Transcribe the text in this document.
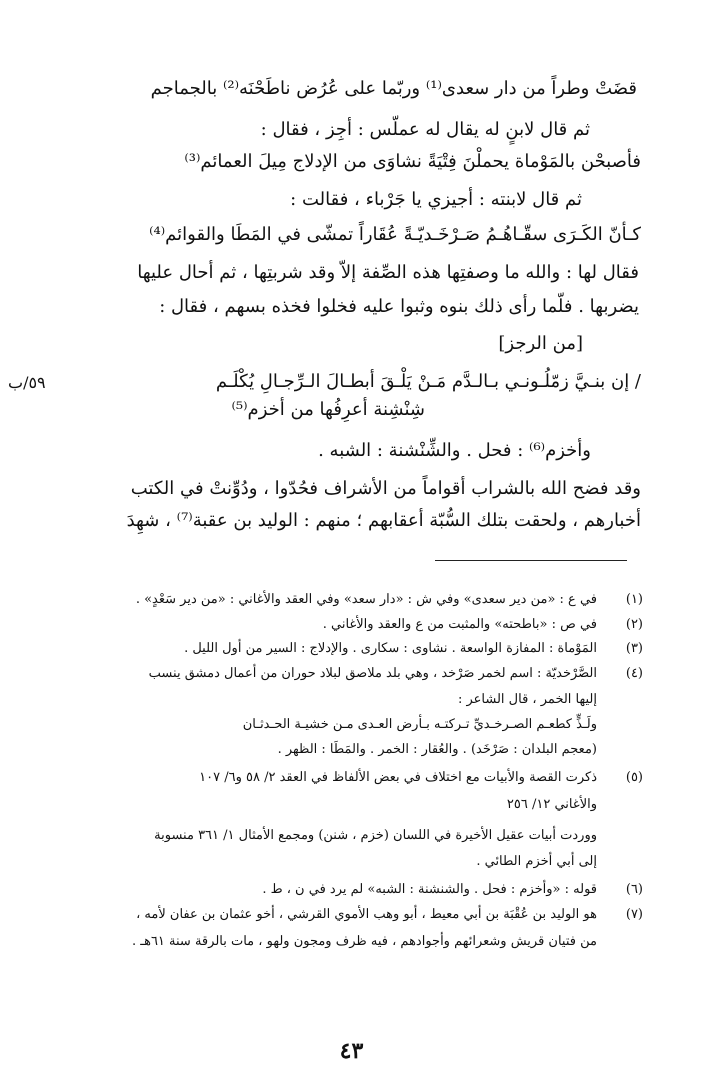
قضَتْ وطراً من دار سعدى⁽¹⁾ وربّما على عُرُض ناطَحْنَه⁽²⁾ بالجماجم
ثم قال لابنٍ له يقال له عملّس : أجِز ، فقال :
فأصبحْن بالمَوْماة يحملْنَ فِتْيَةً نشاوَى من الإدلاج مِيلَ العمائم⁽³⁾
ثم قال لابنته : أجيزي يا جَرْباء ، فقالت :
كـأنّ الكَـرَى سقّـاهُـمُ صَـرْخَـديّـةً عُقَاراً تمشّى في المَطَا والقوائم⁽⁴⁾
فقال لها : والله ما وصفتِها هذه الصِّفة إلاّ وقد شربتِها ، ثم أحال عليها
يضربها . فلّما رأى ذلك بنوه وثبوا عليه فخلوا فخذه بسهم ، فقال :
[من الرجز]
/ إن بنـيَّ زمّلُـونـي بـالـدَّم مَـنْ يَلْـقَ أبطـالَ الـرِّجـالِ يُكْلَـم
شِنْشِنة أعرِفُها من أخزم⁽⁵⁾
وأخزم⁽⁶⁾ : فحل . والشِّنْشنة : الشبه .
وقد فضح الله بالشراب أقواماً من الأشراف فحُدّوا ، ودُوِّنتْ في الكتب
أخبارهم ، ولحقت بتلك السُّبّة أعقابهم ؛ منهم : الوليد بن عقبة⁽⁷⁾ ، شهِدَ
٥٩/ب
(١)
في ع : «من دير سعدى» وفي ش : «دار سعد» وفي العقد والأغاني : «من دير سَعْدٍ» .
(٢)
في ص : «باطحته» والمثبت من ع والعقد والأغاني .
(٣)
المَوْماة : المفازة الواسعة . نشاوى : سكارى . والإدلاج : السير من أول الليل .
(٤)
الصَّرْخديّة : اسم لخمر صَرْخد ، وهي بلد ملاصق لبلاد حوران من أعمال دمشق ينسب
إليها الخمر ، قال الشاعر :
ولَـذٍّ كطعـم الصـرخـديِّ تـركتـه بـأرض العـدى مـن خشيـة الحـدثـان
(معجم البلدان : صَرْخَد) . والعُقار : الخمر . والمَطَا : الظهر .
(٥)
ذكرت القصة والأبيات مع اختلاف في بعض الألفاظ في العقد ٢/ ٥٨ و٦/ ١٠٧
والأغاني ١٢/ ٢٥٦
ووردت أبيات عقيل الأخيرة في اللسان (خزم ، شنن) ومجمع الأمثال ١/ ٣٦١ منسوبة
إلى أبي أخزم الطائي .
(٦)
قوله : «وأخزم : فحل . والشنشنة : الشبه» لم يرد في ن ، ط .
(٧)
هو الوليد بن عُقْبَة بن أبي معيط ، أبو وهب الأموي القرشي ، أخو عثمان بن عفان لأمه ،
من فتيان قريش وشعرائهم وأجوادهم ، فيه ظرف ومجون ولهو ، مات بالرقة سنة ٦١هـ .
٤٣
